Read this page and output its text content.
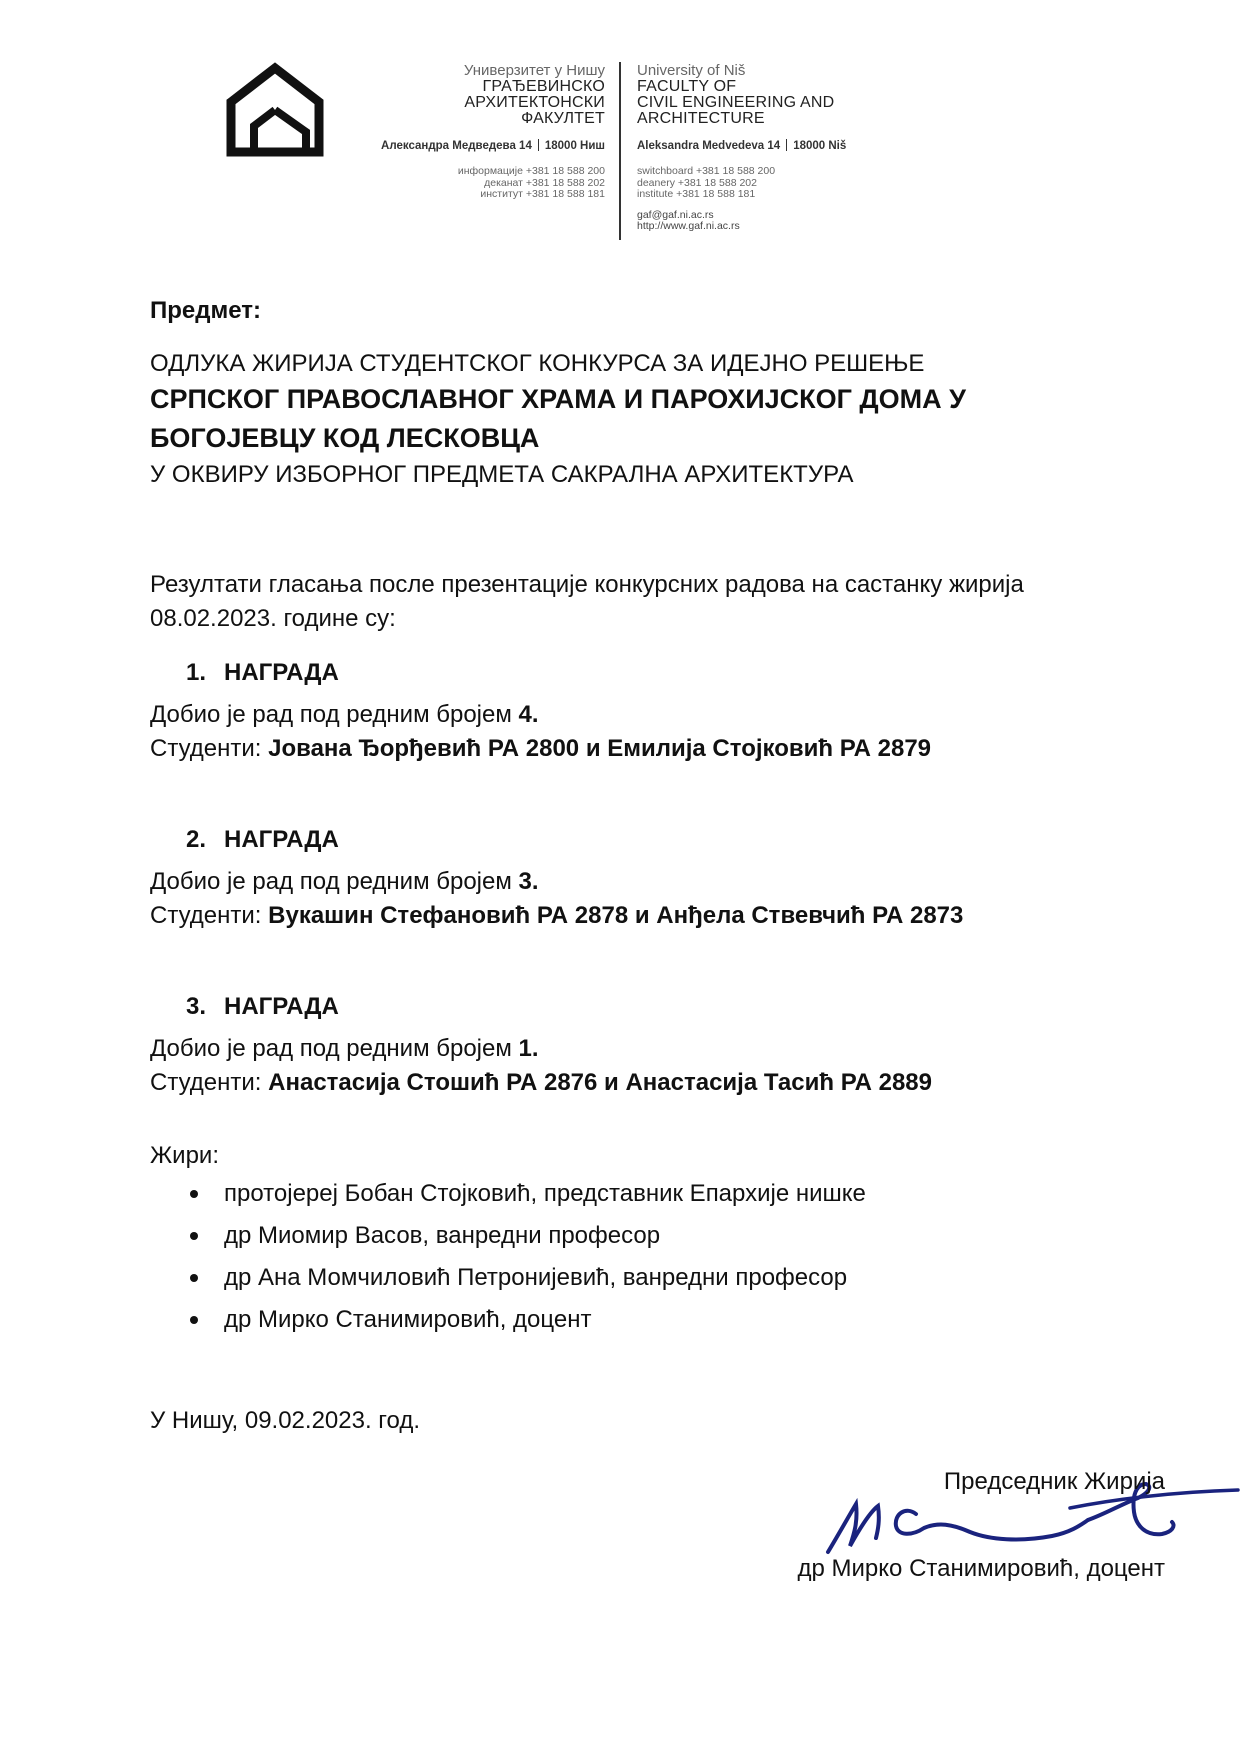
Универзитет у Нишу
ГРАЂЕВИНСКО
АРХИТЕКТОНСКИ
ФАКУЛТЕТ
Александра Медведева 14 18000 Ниш
информације +381 18 588 200
деканат +381 18 588 202
институт +381 18 588 181
University of Niš
FACULTY OF
CIVIL ENGINEERING AND
ARCHITECTURE
Aleksandra Medvedeva 14 18000 Niš
switchboard +381 18 588 200
deanery +381 18 588 202
institute +381 18 588 181
gaf@gaf.ni.ac.rs
http://www.gaf.ni.ac.rs
Предмет:
ОДЛУКА ЖИРИЈА СТУДЕНТСКОГ КОНКУРСА ЗА ИДЕЈНО РЕШЕЊЕ
СРПСКОГ ПРАВОСЛАВНОГ ХРАМА И ПАРОХИЈСКОГ ДОМА У
БОГОЈЕВЦУ КОД ЛЕСКОВЦА
У ОКВИРУ ИЗБОРНОГ ПРЕДМЕТА САКРАЛНА АРХИТЕКТУРА
Резултати гласања после презентације конкурсних радова на састанку жирија
08.02.2023. године су:
1. НАГРАДА
Добио је рад под редним бројем 4.
Студенти: Јована Ђорђевић РА 2800 и Емилија Стојковић РА 2879
2. НАГРАДА
Добио је рад под редним бројем 3.
Студенти: Вукашин Стефановић РА 2878 и Анђела Ствевчић РА 2873
3. НАГРАДА
Добио је рад под редним бројем 1.
Студенти: Анастасија Стошић РА 2876 и Анастасија Тасић РА 2889
Жири:
протојереј Бобан Стојковић, представник Епархије нишке
др Миомир Васов, ванредни професор
др Ана Момчиловић Петронијевић, ванредни професор
др Мирко Станимировић, доцент
У Нишу, 09.02.2023. год.
Председник Жирија
др Мирко Станимировић, доцент
